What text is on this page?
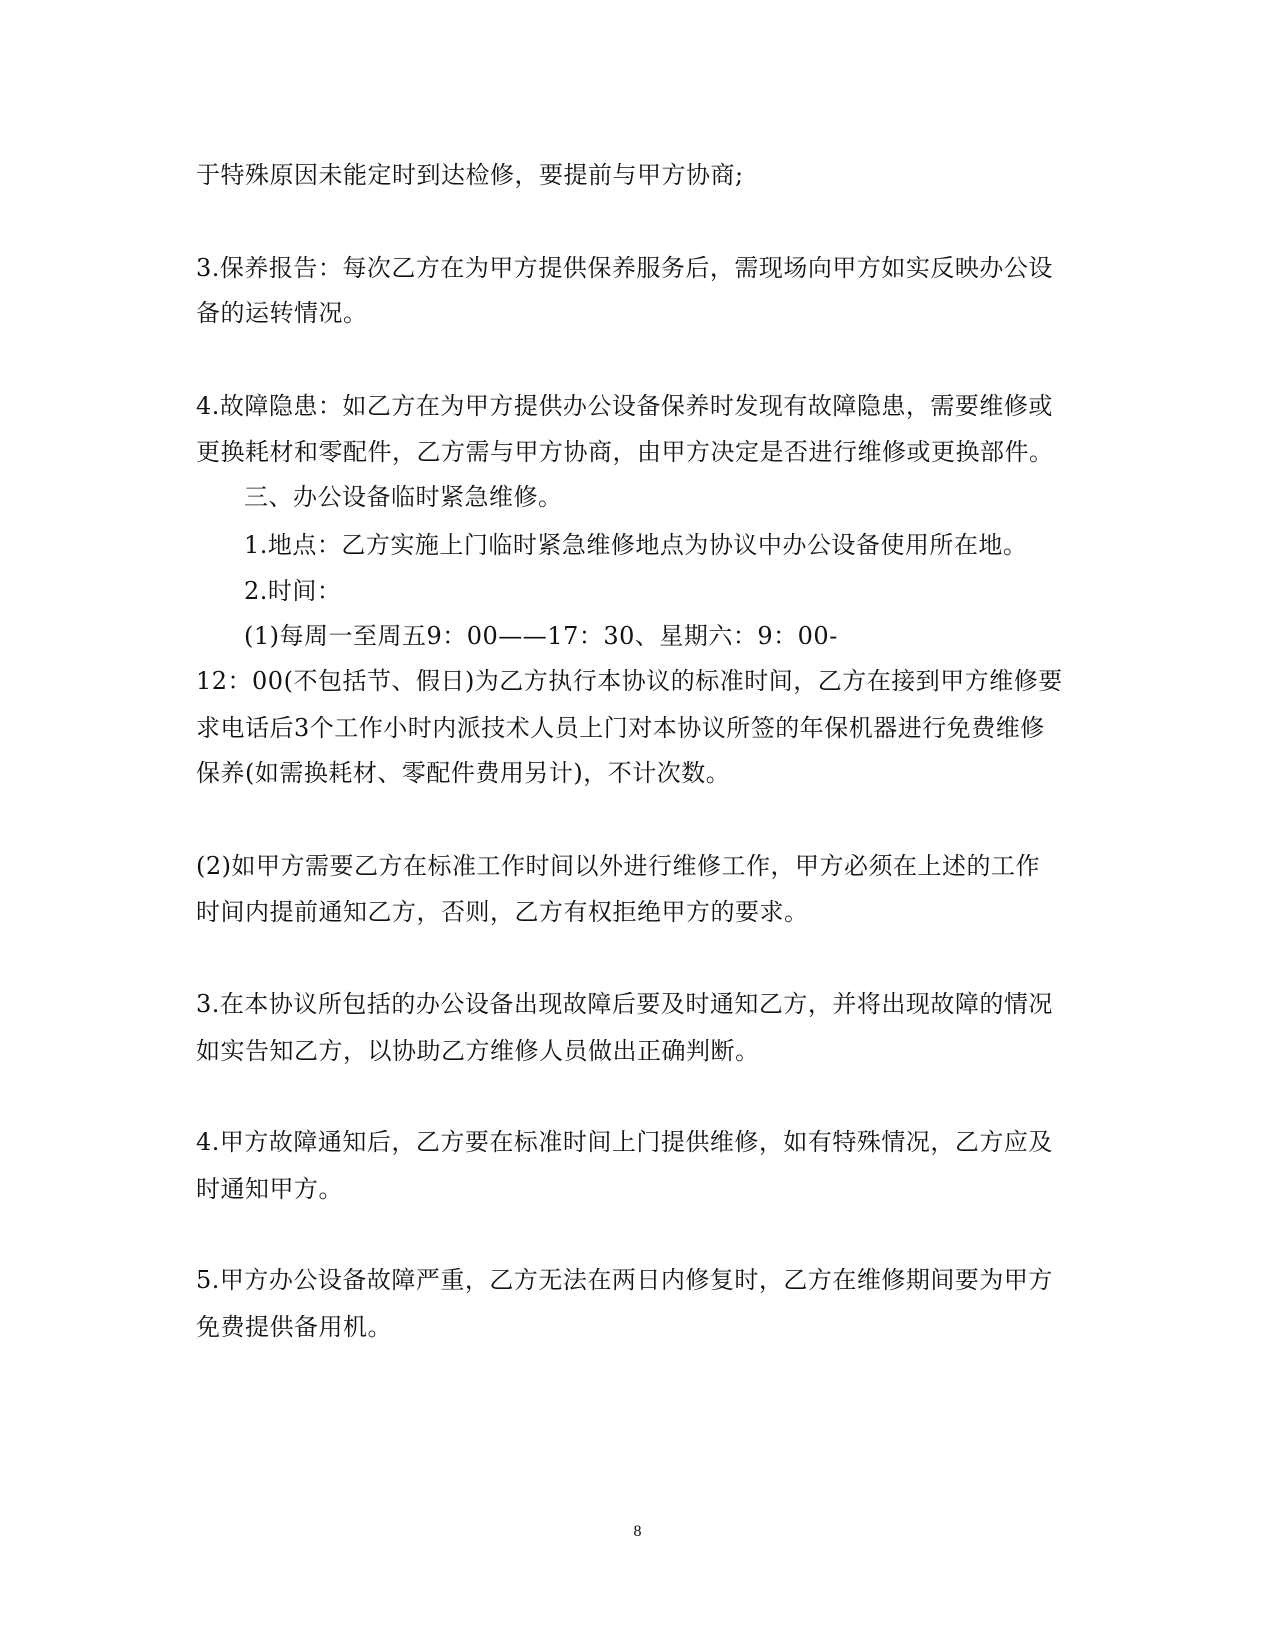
于特殊原因未能定时到达检修，要提前与甲方协商;
3.保养报告：每次乙方在为甲方提供保养服务后，需现场向甲方如实反映办公设
备的运转情况。
4.故障隐患：如乙方在为甲方提供办公设备保养时发现有故障隐患，需要维修或
更换耗材和零配件，乙方需与甲方协商，由甲方决定是否进行维修或更换部件。
三、办公设备临时紧急维修。
1.地点：乙方实施上门临时紧急维修地点为协议中办公设备使用所在地。
2.时间：
(1)每周一至周五9：00——17：30、星期六：9：00-
12：00(不包括节、假日)为乙方执行本协议的标准时间，乙方在接到甲方维修要
求电话后3个工作小时内派技术人员上门对本协议所签的年保机器进行免费维修
保养(如需换耗材、零配件费用另计)，不计次数。
(2)如甲方需要乙方在标准工作时间以外进行维修工作，甲方必须在上述的工作
时间内提前通知乙方，否则，乙方有权拒绝甲方的要求。
3.在本协议所包括的办公设备出现故障后要及时通知乙方，并将出现故障的情况
如实告知乙方，以协助乙方维修人员做出正确判断。
4.甲方故障通知后，乙方要在标准时间上门提供维修，如有特殊情况，乙方应及
时通知甲方。
5.甲方办公设备故障严重，乙方无法在两日内修复时，乙方在维修期间要为甲方
免费提供备用机。
8
